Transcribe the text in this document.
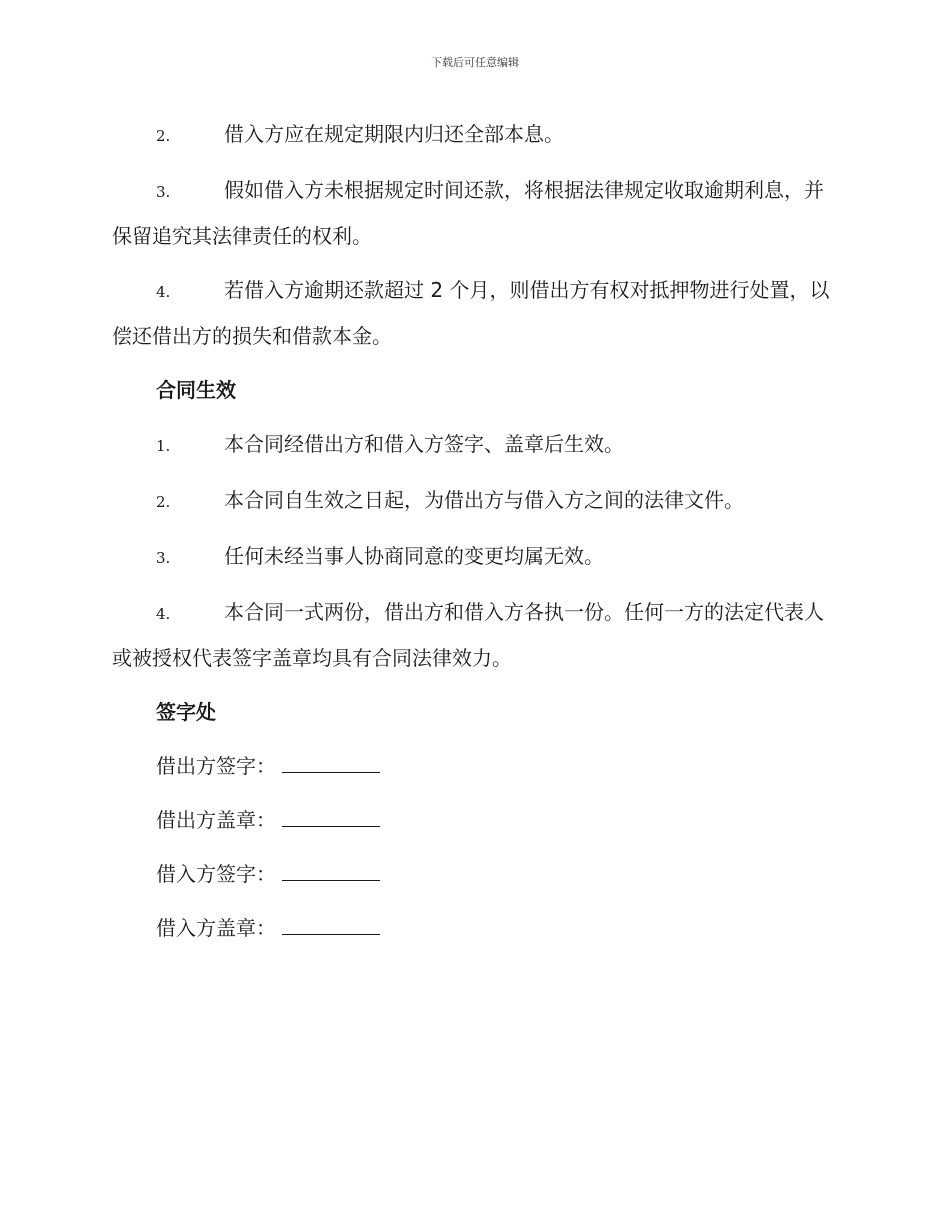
下载后可任意编辑
2.	借入方应在规定期限内归还全部本息。
3.	假如借入方未根据规定时间还款，将根据法律规定收取逾期利息，并保留追究其法律责任的权利。
4.	若借入方逾期还款超过 2 个月，则借出方有权对抵押物进行处置，以偿还借出方的损失和借款本金。
合同生效
1.	本合同经借出方和借入方签字、盖章后生效。
2.	本合同自生效之日起，为借出方与借入方之间的法律文件。
3.	任何未经当事人协商同意的变更均属无效。
4.	本合同一式两份，借出方和借入方各执一份。任何一方的法定代表人或被授权代表签字盖章均具有合同法律效力。
签字处
借出方签字：
借出方盖章：
借入方签字：
借入方盖章：
